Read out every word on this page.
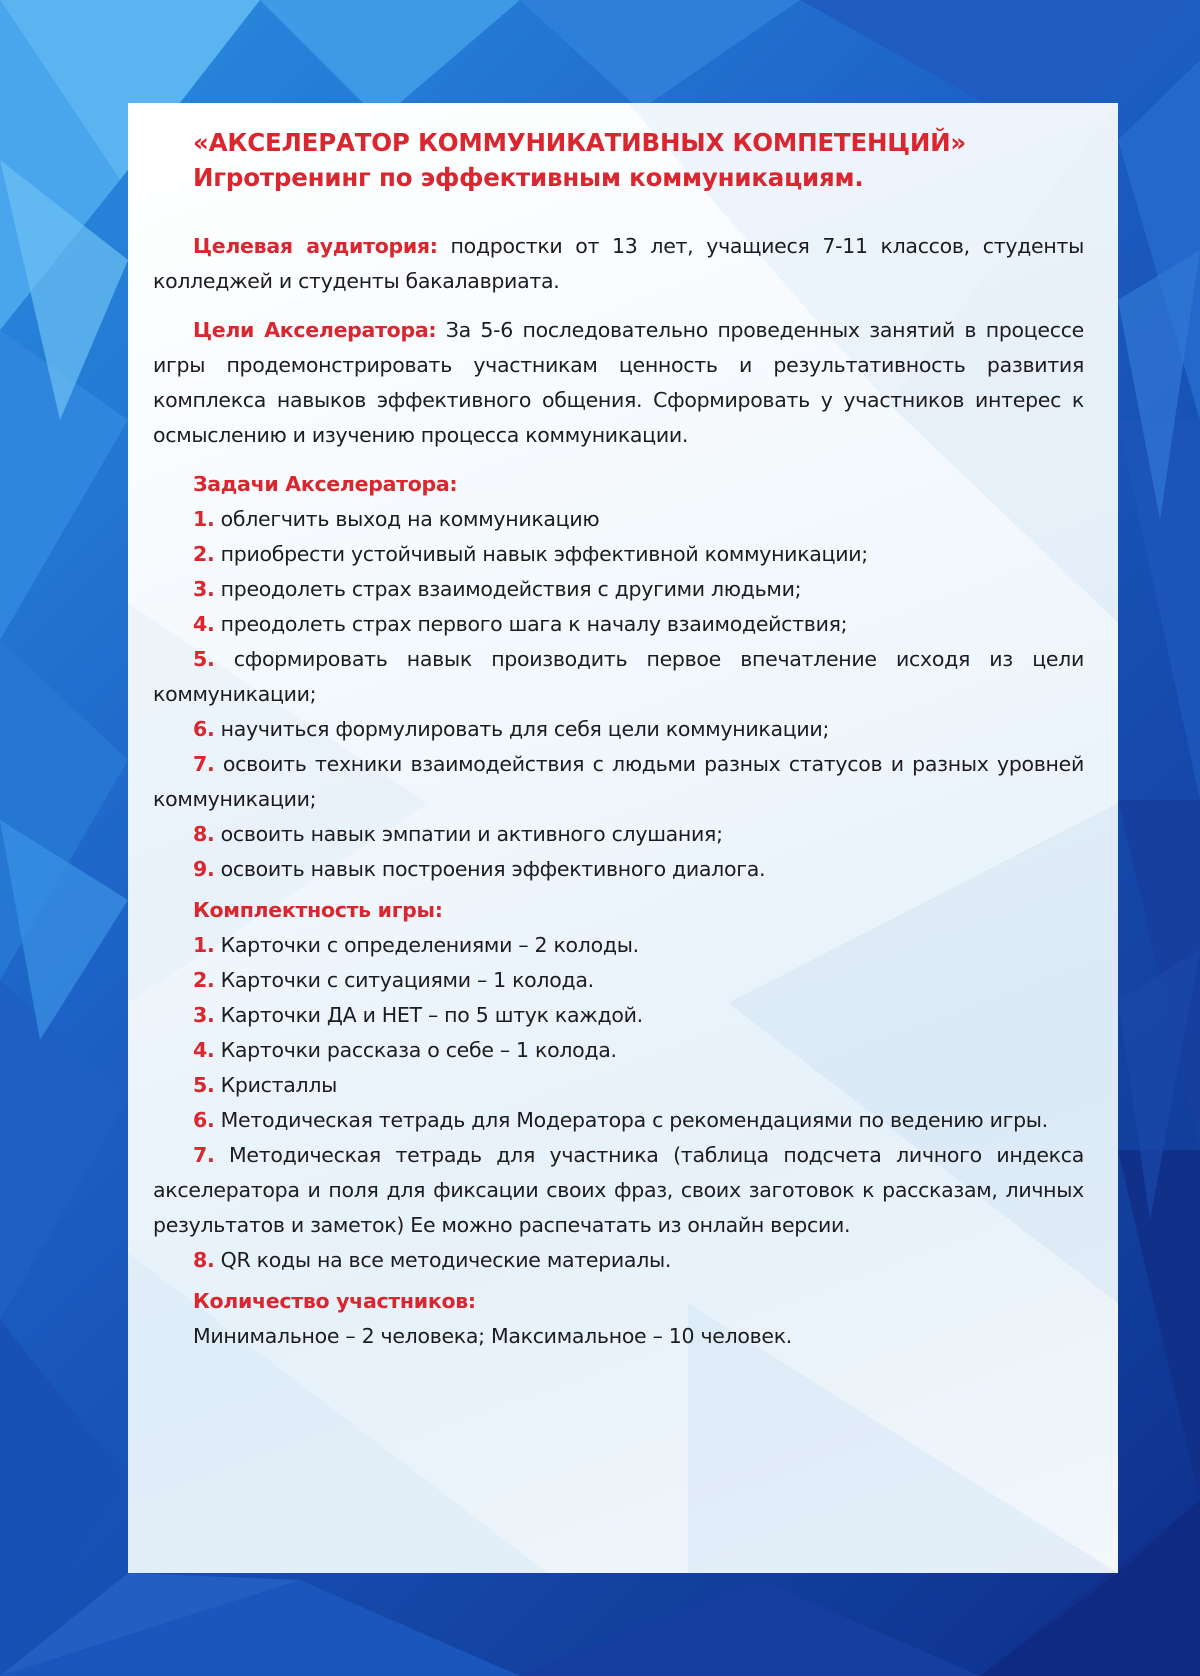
«АКСЕЛЕРАТОР КОММУНИКАТИВНЫХ КОМПЕТЕНЦИЙ»

Игротренинг по эффективным коммуникациям.

Целевая аудитория: подростки от 13 лет, учащиеся 7-11 классов, студенты колледжей и студенты бакалавриата.

Цели Акселератора: За 5-6 последовательно проведенных занятий в процессе игры продемонстрировать участникам ценность и результативность развития комплекса навыков эффективного общения. Сформировать у участников интерес к осмыслению и изучению процесса коммуникации.

Задачи Акселератора:

1. облегчить выход на коммуникацию

2. приобрести устойчивый навык эффективной коммуникации;

3. преодолеть страх взаимодействия с другими людьми;

4. преодолеть страх первого шага к началу взаимодействия;

5. сформировать навык производить первое впечатление исходя из цели коммуникации;

6. научиться формулировать для себя цели коммуникации;

7. освоить техники взаимодействия с людьми разных статусов и разных уровней коммуникации;

8. освоить навык эмпатии и активного слушания;

9. освоить навык построения эффективного диалога.

Комплектность игры:

1. Карточки с определениями – 2 колоды.

2. Карточки с ситуациями – 1 колода.

3. Карточки ДА и НЕТ – по 5 штук каждой.

4. Карточки рассказа о себе – 1 колода.

5. Кристаллы

6. Методическая тетрадь для Модератора с рекомендациями по ведению игры.

7. Методическая тетрадь для участника (таблица подсчета личного индекса акселератора и поля для фиксации своих фраз, своих заготовок к рассказам, личных результатов и заметок) Ее можно распечатать из онлайн версии.

8. QR коды на все методические материалы.

Количество участников:

Минимальное – 2 человека; Максимальное – 10 человек.
